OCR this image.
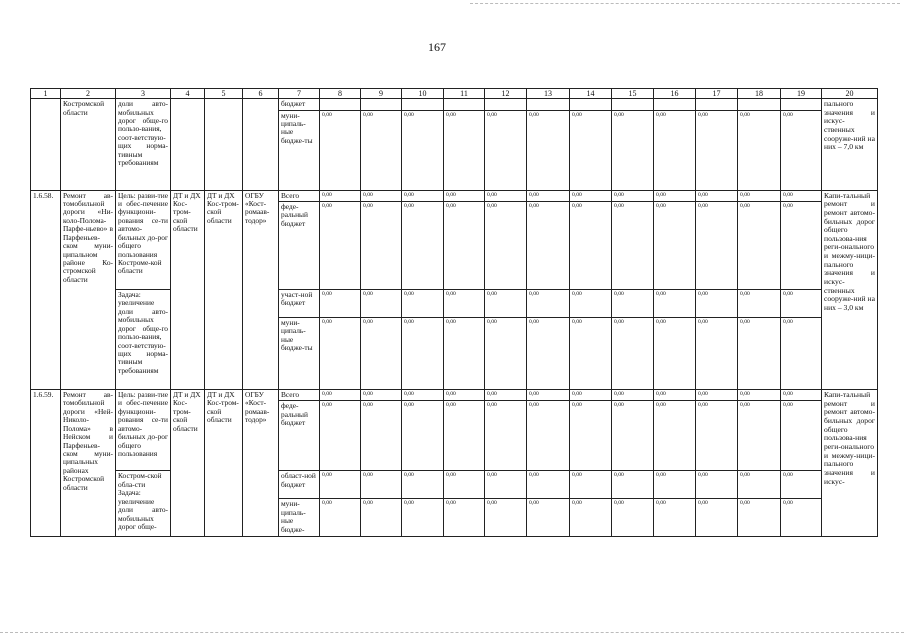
167
1	2	3	4	5	6	7	8	9	10	11	12	13	14	15	16	17	18	19	20
	Костромской области	доли авто-мобильных дорог обще-го пользо-вания, соот-ветствую-щих норма-тивным требованиям				бюджет													пального значения и искус-ственных сооруже-ний на них – 7,0 км
						муни-ципаль-ные бюдже-ты	0,00	0,00	0,00	0,00	0,00	0,00	0,00	0,00	0,00	0,00	0,00	0,00	
1.6.58.	Ремонт ав-томобильной дороги «Ни-коло-Полома-Парфе-ньево» в Парфеньев-ском муни-ципальном районе Ко-стромской области	Цель: разви-тие и обес-печение функциони-рования се-ти автомо-бильных до-рог общего пользования Костроме-кой области	ДТ и ДХ Кос-тром-ской области	ДТ и ДХ Кос-тром-ской области	ОГБУ «Кост-ромаав-тодор»	Всего	0,00	0,00	0,00	0,00	0,00	0,00	0,00	0,00	0,00	0,00	0,00	0,00	Капи-тальный ремонт и ремонт автомо-бильных дорог общего пользова-ния реги-онального и межму-ници-пального значения и искус-ственных сооруже-ний на них – 3,0 км
						феде-ральный бюджет	0,00	0,00	0,00	0,00	0,00	0,00	0,00	0,00	0,00	0,00	0,00	0,00	
		Задача: увеличение доли авто-мобильных дорог обще-го пользо-вания, соот-ветствую-щих норма-тивным требованиям				участ-ной бюджет	0,00	0,00	0,00	0,00	0,00	0,00	0,00	0,00	0,00	0,00	0,00	0,00	
						муни-ципаль-ные бюдже-ты	0,00	0,00	0,00	0,00	0,00	0,00	0,00	0,00	0,00	0,00	0,00	0,00	
1.6.59.	Ремонт ав-томобильной дороги «Ней-Николо-Полома» в Нейском и Парфеньев-ском муни-ципальных районах Костромской области	Цель: разви-тие и обес-печение функциони-рования се-ти автомо-бильных до-рог общего пользования	ДТ и ДХ Кос-тром-ской области	ДТ и ДХ Кос-тром-ской области	ОГБУ «Кост-ромаав-тодор»	Всего	0,00	0,00	0,00	0,00	0,00	0,00	0,00	0,00	0,00	0,00	0,00	0,00	Капи-тальный ремонт и ремонт автомо-бильных дорог общего пользова-ния реги-онального и межму-ници-пального значения и искус-
						феде-ральный бюджет	0,00	0,00	0,00	0,00	0,00	0,00	0,00	0,00	0,00	0,00	0,00	0,00	
		Костром-ской обла-сти Задача: увеличение доли авто-мобильных дорог обще-				област-ной бюджет	0,00	0,00	0,00	0,00	0,00	0,00	0,00	0,00	0,00	0,00	0,00	0,00	
						муни-ципаль-ные бюдже-	0,00	0,00	0,00	0,00	0,00	0,00	0,00	0,00	0,00	0,00	0,00	0,00	
